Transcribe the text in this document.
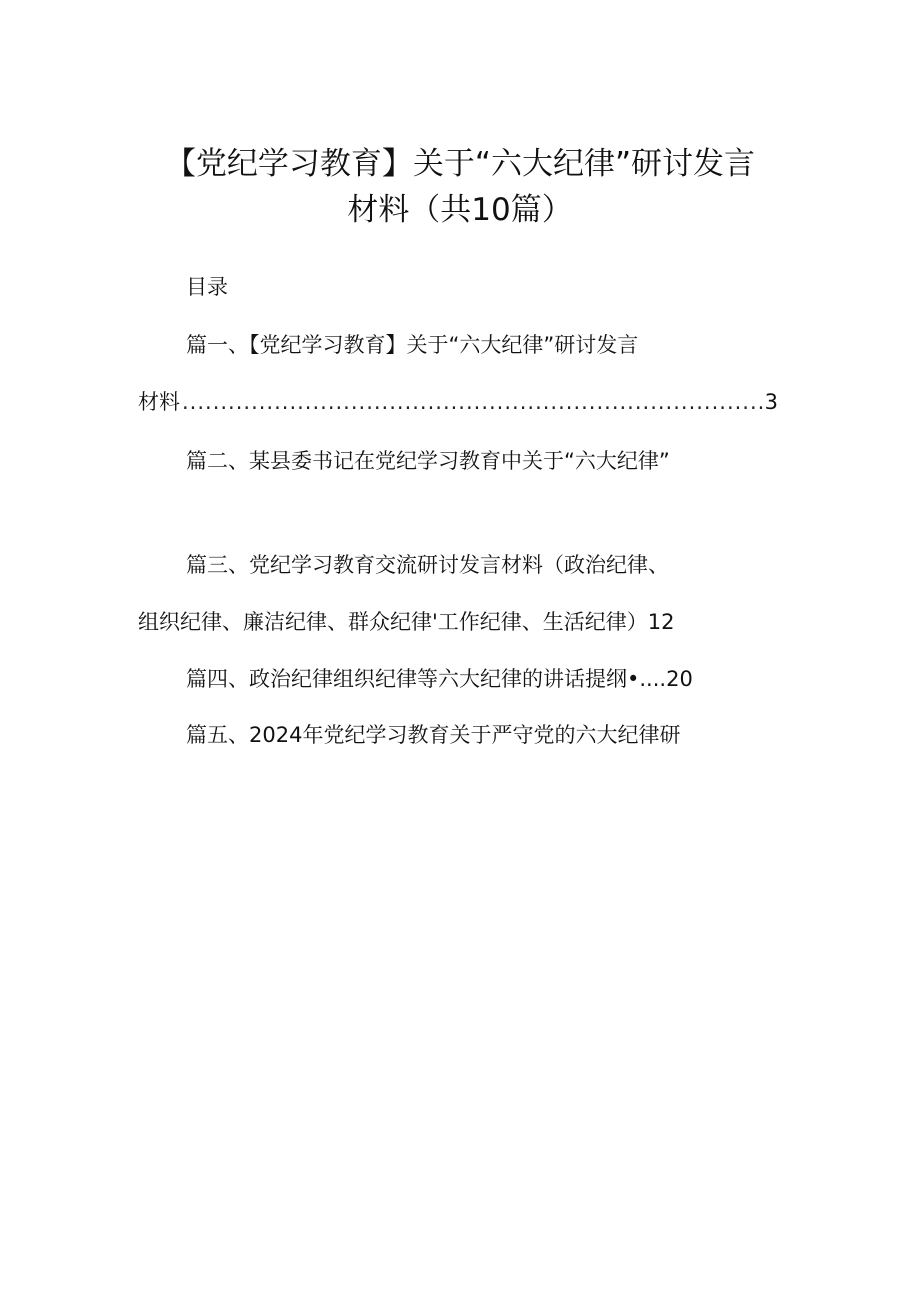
【党纪学习教育】关于“六大纪律”研讨发言
材料（共10篇）
目录
篇一、【党纪学习教育】关于“六大纪律”研讨发言
材料
.....	3
篇二、某县委书记在党纪学习教育中关于“六大纪律”
篇三、党纪学习教育交流研讨发言材料（政治纪律、
组织纪律、廉洁纪律、群众纪律'工作纪律、生活纪律）12
篇四、政治纪律组织纪律等六大纪律的讲话提纲•....20
篇五、2024年党纪学习教育关于严守党的六大纪律研
